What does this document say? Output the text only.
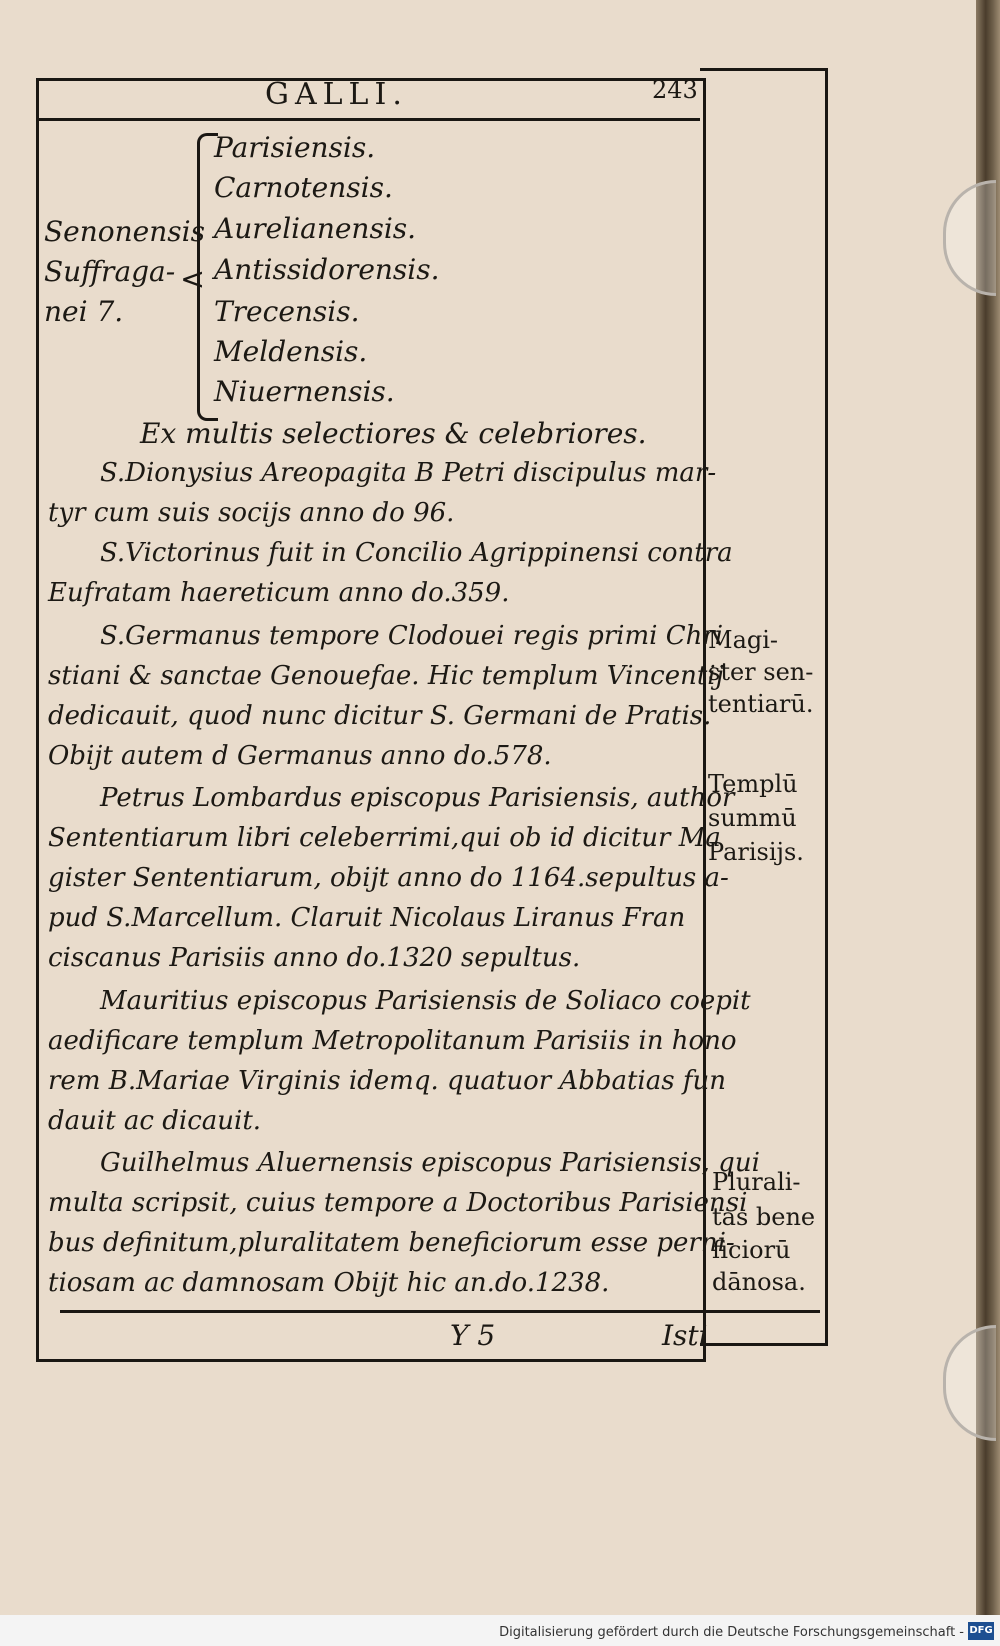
GALLI.	243
Senonensis
Suffraga-
nei 7.
<
Parisiensis.
Carnotensis.
Aurelianensis.
Antissidorensis.
Trecensis.
Meldensis.
Niuernensis.
Ex multis selectiores & celebriores.
S.Dionysius Areopagita B Petri discipulus mar-
tyr cum suis socijs anno do 96.
S.Victorinus fuit in Concilio Agrippinensi contra
Eufratam haereticum anno do.359.
S.Germanus tempore Clodouei regis primi Chri
stiani & sanctae Genouefae. Hic templum Vincentij
dedicauit, quod nunc dicitur S. Germani de Pratis.
Obijt autem d Germanus anno do.578.
Petrus Lombardus episcopus Parisiensis, author
Sententiarum libri celeberrimi,qui ob id dicitur Ma
gister Sententiarum, obijt anno do 1164.sepultus a-
pud S.Marcellum. Claruit Nicolaus Liranus Fran
ciscanus Parisiis anno do.1320 sepultus.
Mauritius episcopus Parisiensis de Soliaco coepit
aedificare templum Metropolitanum Parisiis in hono
rem B.Mariae Virginis idemq. quatuor Abbatias fun
dauit ac dicauit.
Guilhelmus Aluernensis episcopus Parisiensis, qui
multa scripsit, cuius tempore a Doctoribus Parisiensi
bus definitum,pluralitatem beneficiorum esse perni-
tiosam ac damnosam Obijt hic an.do.1238.
Magi-
ster sen-
tentiarū.
Templū
summū
Parisijs.
Plurali-
tas bene
ficiorū
dānosa.
Y 5	Isti
Digitalisierung gefördert durch die Deutsche Forschungsgemeinschaft - DFG
